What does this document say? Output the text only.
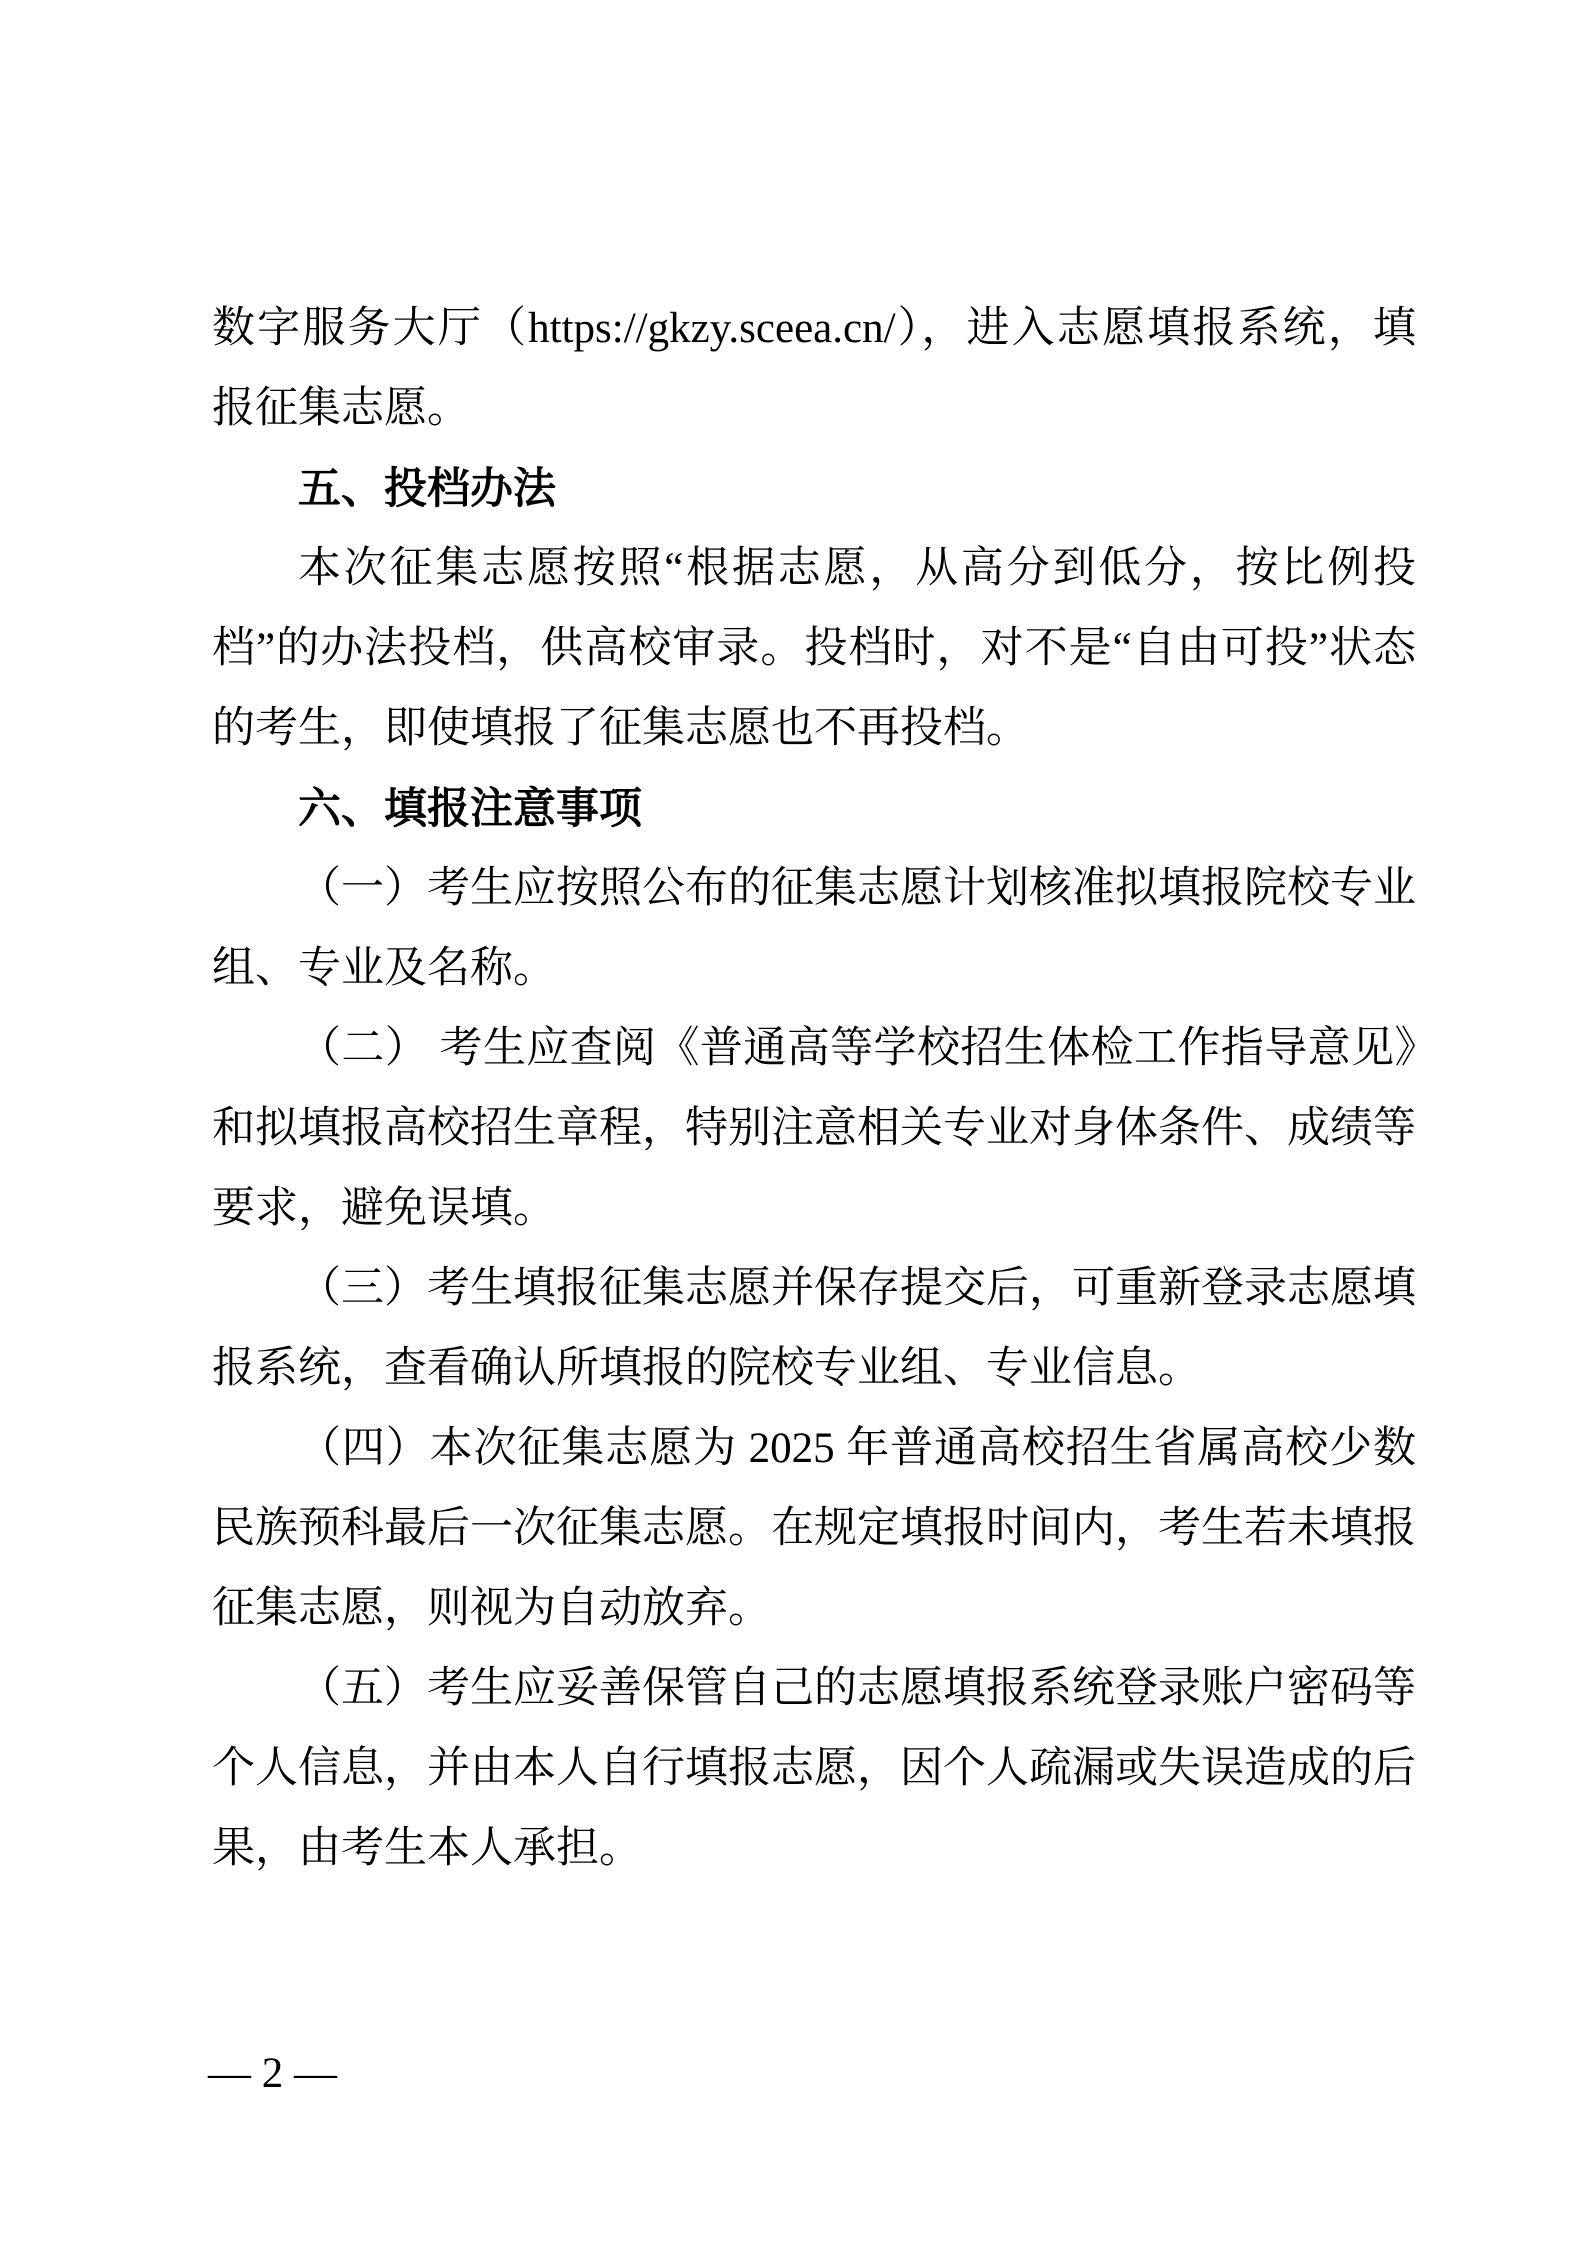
数字服务大厅（https://gkzy.sceea.cn/），进入志愿填报系统，填报征集志愿。

五、投档办法

本次征集志愿按照“根据志愿，从高分到低分，按比例投档”的办法投档，供高校审录。投档时，对不是“自由可投”状态的考生，即使填报了征集志愿也不再投档。

六、填报注意事项

（一）考生应按照公布的征集志愿计划核准拟填报院校专业组、专业及名称。

（二） 考生应查阅《普通高等学校招生体检工作指导意见》和拟填报高校招生章程，特别注意相关专业对身体条件、成绩等要求，避免误填。

（三）考生填报征集志愿并保存提交后，可重新登录志愿填报系统，查看确认所填报的院校专业组、专业信息。

（四）本次征集志愿为 2025 年普通高校招生省属高校少数民族预科最后一次征集志愿。在规定填报时间内，考生若未填报征集志愿，则视为自动放弃。

（五）考生应妥善保管自己的志愿填报系统登录账户密码等个人信息，并由本人自行填报志愿，因个人疏漏或失误造成的后果，由考生本人承担。

— 2 —
